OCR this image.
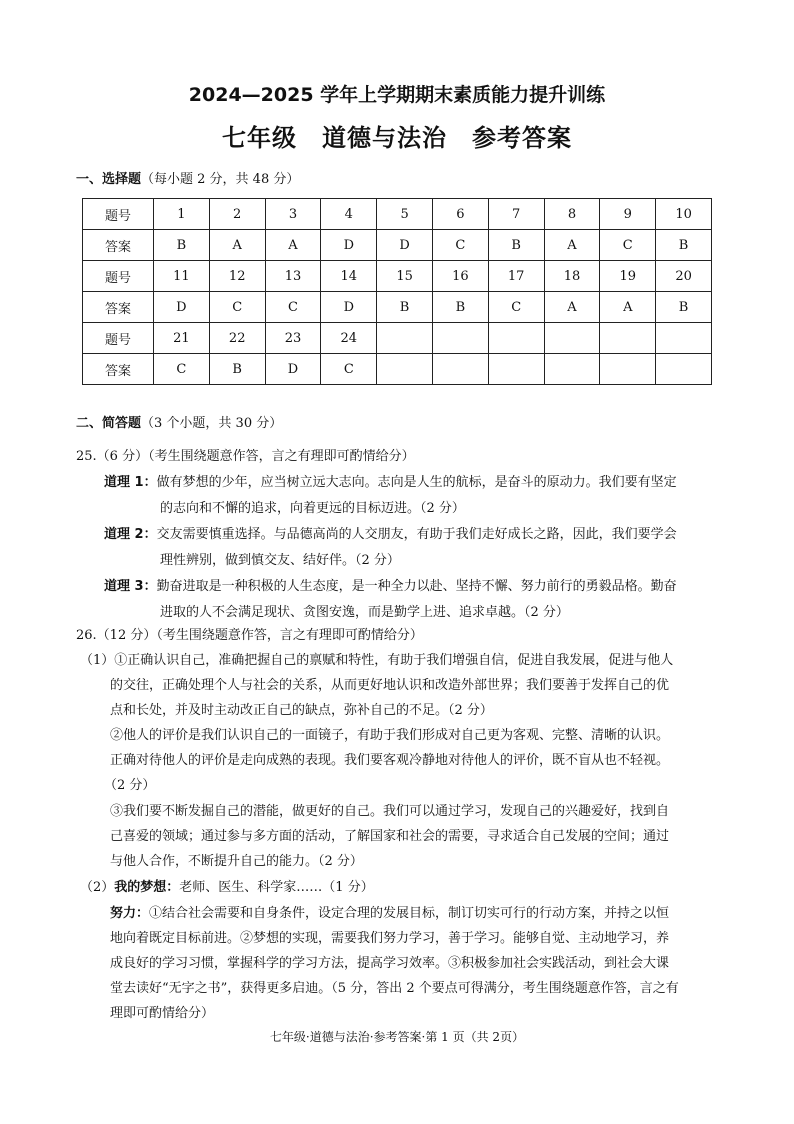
2024—2025 学年上学期期末素质能力提升训练
七年级　道德与法治　参考答案
一、选择题（每小题 2 分，共 48 分）
题号	1	2	3	4	5	6	7	8	9	10
答案	B	A	A	D	D	C	B	A	C	B
题号	11	12	13	14	15	16	17	18	19	20
答案	D	C	C	D	B	B	C	A	A	B
题号	21	22	23	24						
答案	C	B	D	C						
二、简答题（3 个小题，共 30 分）
25.（6 分）（考生围绕题意作答，言之有理即可酌情给分）
道理 1：做有梦想的少年，应当树立远大志向。志向是人生的航标，是奋斗的原动力。我们要有坚定
的志向和不懈的追求，向着更远的目标迈进。（2 分）
道理 2：交友需要慎重选择。与品德高尚的人交朋友，有助于我们走好成长之路，因此，我们要学会
理性辨别，做到慎交友、结好伴。（2 分）
道理 3：勤奋进取是一种积极的人生态度，是一种全力以赴、坚持不懈、努力前行的勇毅品格。勤奋
进取的人不会满足现状、贪图安逸，而是勤学上进、追求卓越。（2 分）
26.（12 分）（考生围绕题意作答，言之有理即可酌情给分）
（1）①正确认识自己，准确把握自己的禀赋和特性，有助于我们增强自信，促进自我发展，促进与他人
的交往，正确处理个人与社会的关系，从而更好地认识和改造外部世界；我们要善于发挥自己的优
点和长处，并及时主动改正自己的缺点，弥补自己的不足。（2 分）
②他人的评价是我们认识自己的一面镜子，有助于我们形成对自己更为客观、完整、清晰的认识。
正确对待他人的评价是走向成熟的表现。我们要客观冷静地对待他人的评价，既不盲从也不轻视。
（2 分）
③我们要不断发掘自己的潜能，做更好的自己。我们可以通过学习，发现自己的兴趣爱好，找到自
己喜爱的领域；通过参与多方面的活动，了解国家和社会的需要，寻求适合自己发展的空间；通过
与他人合作，不断提升自己的能力。（2 分）
（2）我的梦想：老师、医生、科学家……（1 分）
努力：①结合社会需要和自身条件，设定合理的发展目标，制订切实可行的行动方案，并持之以恒
地向着既定目标前进。②梦想的实现，需要我们努力学习，善于学习。能够自觉、主动地学习，养
成良好的学习习惯，掌握科学的学习方法，提高学习效率。③积极参加社会实践活动，到社会大课
堂去读好“无字之书”，获得更多启迪。（5 分，答出 2 个要点可得满分，考生围绕题意作答，言之有
理即可酌情给分）
七年级·道德与法治·参考答案·第 1 页（共 2页）
